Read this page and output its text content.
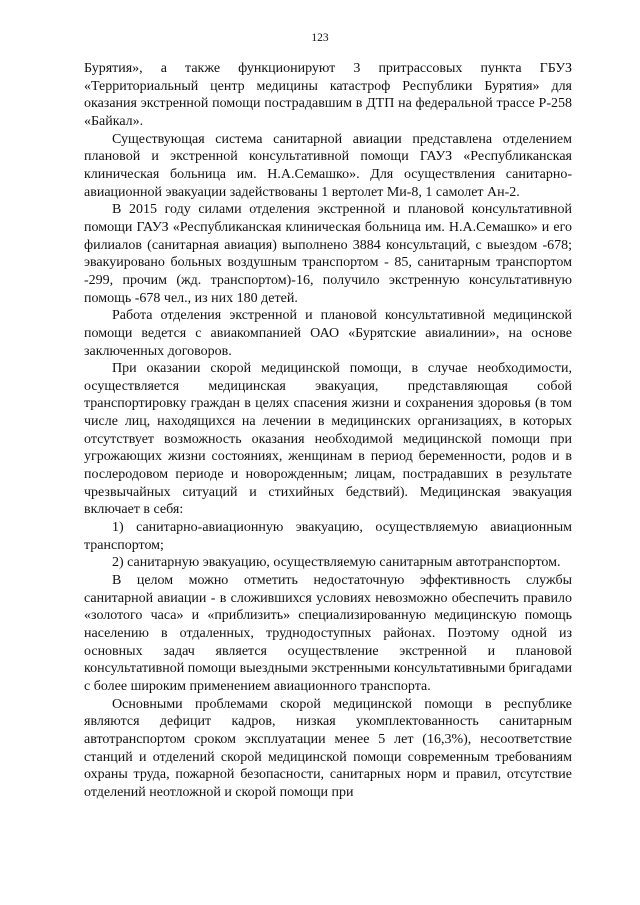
123

Бурятия», а также функционируют 3 притрассовых пункта ГБУЗ «Территориальный центр медицины катастроф Республики Бурятия» для оказания экстренной помощи пострадавшим в ДТП на федеральной трассе Р-258 «Байкал».

Существующая система санитарной авиации представлена отделением плановой и экстренной консультативной помощи ГАУЗ «Республиканская клиническая больница им. Н.А.Семашко». Для осуществления санитарно-авиационной эвакуации задействованы 1 вертолет Ми-8, 1 самолет Ан-2.

В 2015 году силами отделения экстренной и плановой консультативной помощи ГАУЗ «Республиканская клиническая больница им. Н.А.Семашко» и его филиалов (санитарная авиация) выполнено 3884 консультаций, с выездом -678; эвакуировано больных воздушным транспортом - 85, санитарным транспортом -299, прочим (жд. транспортом)-16, получило экстренную консультативную помощь -678 чел., из них 180 детей.

Работа отделения экстренной и плановой консультативной медицинской помощи ведется с авиакомпанией ОАО «Бурятские авиалинии», на основе заключенных договоров.

При оказании скорой медицинской помощи, в случае необходимости, осуществляется медицинская эвакуация, представляющая собой транспортировку граждан в целях спасения жизни и сохранения здоровья (в том числе лиц, находящихся на лечении в медицинских организациях, в которых отсутствует возможность оказания необходимой медицинской помощи при угрожающих жизни состояниях, женщинам в период беременности, родов и в послеродовом периоде и новорожденным; лицам, пострадавших в результате чрезвычайных ситуаций и стихийных бедствий). Медицинская эвакуация включает в себя:

1) санитарно-авиационную эвакуацию, осуществляемую авиационным транспортом;

2) санитарную эвакуацию, осуществляемую санитарным автотранспортом.

В целом можно отметить недостаточную эффективность службы санитарной авиации - в сложившихся условиях невозможно обеспечить правило «золотого часа» и «приблизить» специализированную медицинскую помощь населению в отдаленных, труднодоступных районах. Поэтому одной из основных задач является осуществление экстренной и плановой консультативной помощи выездными экстренными консультативными бригадами с более широким применением авиационного транспорта.

Основными проблемами скорой медицинской помощи в республике являются дефицит кадров, низкая укомплектованность санитарным автотранспортом сроком эксплуатации менее 5 лет (16,3%), несоответствие станций и отделений скорой медицинской помощи современным требованиям охраны труда, пожарной безопасности, санитарных норм и правил, отсутствие отделений неотложной и скорой помощи при
